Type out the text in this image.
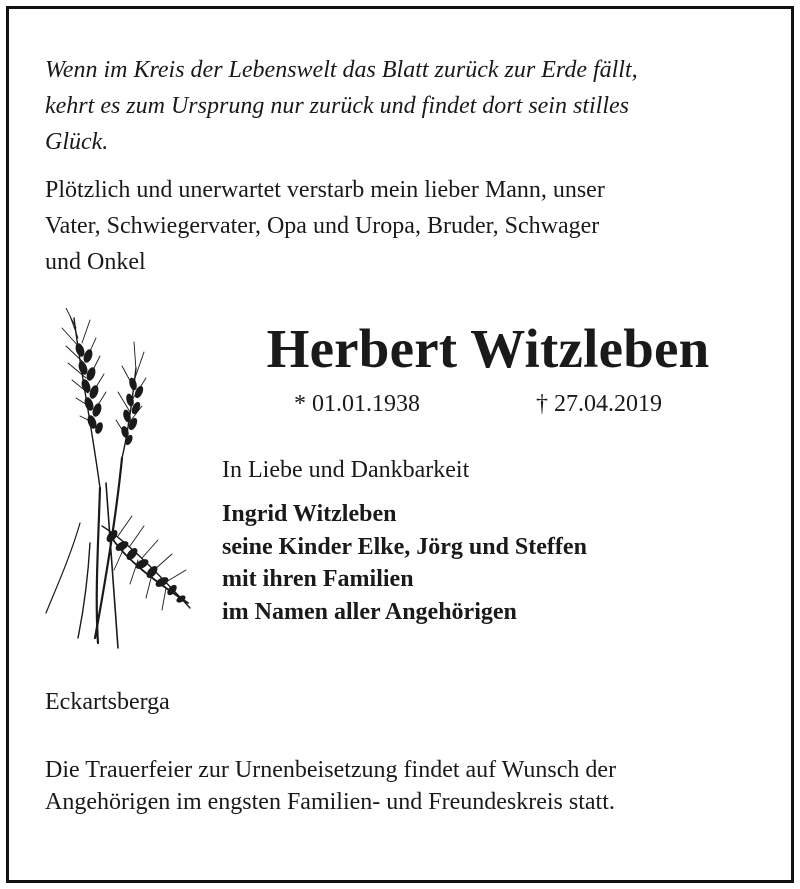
Wenn im Kreis der Lebenswelt das Blatt zurück zur Erde fällt,
kehrt es zum Ursprung nur zurück und findet dort sein stilles
Glück.

Plötzlich und unerwartet verstarb mein lieber Mann, unser
Vater, Schwiegervater, Opa und Uropa, Bruder, Schwager
und Onkel

Herbert Witzleben
* 01.01.1938	† 27.04.2019
In Liebe und Dankbarkeit
Ingrid Witzleben
seine Kinder Elke, Jörg und Steffen
mit ihren Familien
im Namen aller Angehörigen
Eckartsberga

Die Trauerfeier zur Urnenbeisetzung findet auf Wunsch der
Angehörigen im engsten Familien- und Freundeskreis statt.
